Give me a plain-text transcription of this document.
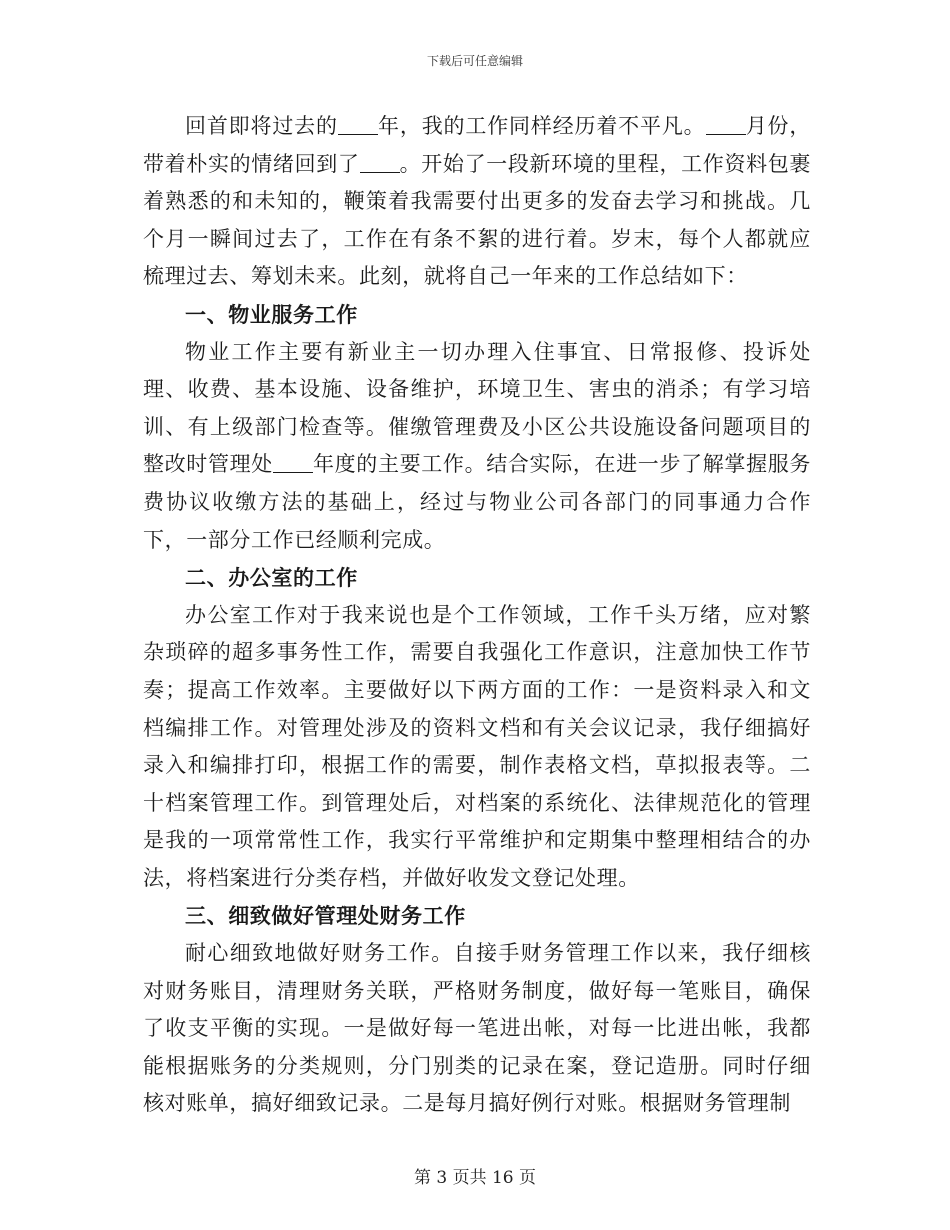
下载后可任意编辑

回首即将过去的 年，我的工作同样经历着不平凡。 月份，带着朴实的情绪回到了 。开始了一段新环境的里程，工作资料包裹着熟悉的和未知的，鞭策着我需要付出更多的发奋去学习和挑战。几个月一瞬间过去了，工作在有条不絮的进行着。岁末，每个人都就应梳理过去、筹划未来。此刻，就将自己一年来的工作总结如下：

一、物业服务工作

物业工作主要有新业主一切办理入住事宜、日常报修、投诉处理、收费、基本设施、设备维护，环境卫生、害虫的消杀；有学习培训、有上级部门检查等。催缴管理费及小区公共设施设备问题项目的整改时管理处 年度的主要工作。结合实际，在进一步了解掌握服务费协议收缴方法的基础上，经过与物业公司各部门的同事通力合作下，一部分工作已经顺利完成。

二、办公室的工作

办公室工作对于我来说也是个工作领域，工作千头万绪，应对繁杂琐碎的超多事务性工作，需要自我强化工作意识，注意加快工作节奏；提高工作效率。主要做好以下两方面的工作：一是资料录入和文档编排工作。对管理处涉及的资料文档和有关会议记录，我仔细搞好录入和编排打印，根据工作的需要，制作表格文档，草拟报表等。二十档案管理工作。到管理处后，对档案的系统化、法律规范化的管理是我的一项常常性工作，我实行平常维护和定期集中整理相结合的办法，将档案进行分类存档，并做好收发文登记处理。

三、细致做好管理处财务工作

耐心细致地做好财务工作。自接手财务管理工作以来，我仔细核对财务账目，清理财务关联，严格财务制度，做好每一笔账目，确保了收支平衡的实现。一是做好每一笔进出帐，对每一比进出帐，我都能根据账务的分类规则，分门别类的记录在案，登记造册。同时仔细核对账单，搞好细致记录。二是每月搞好例行对账。根据财务管理制

第 3 页共 16 页
